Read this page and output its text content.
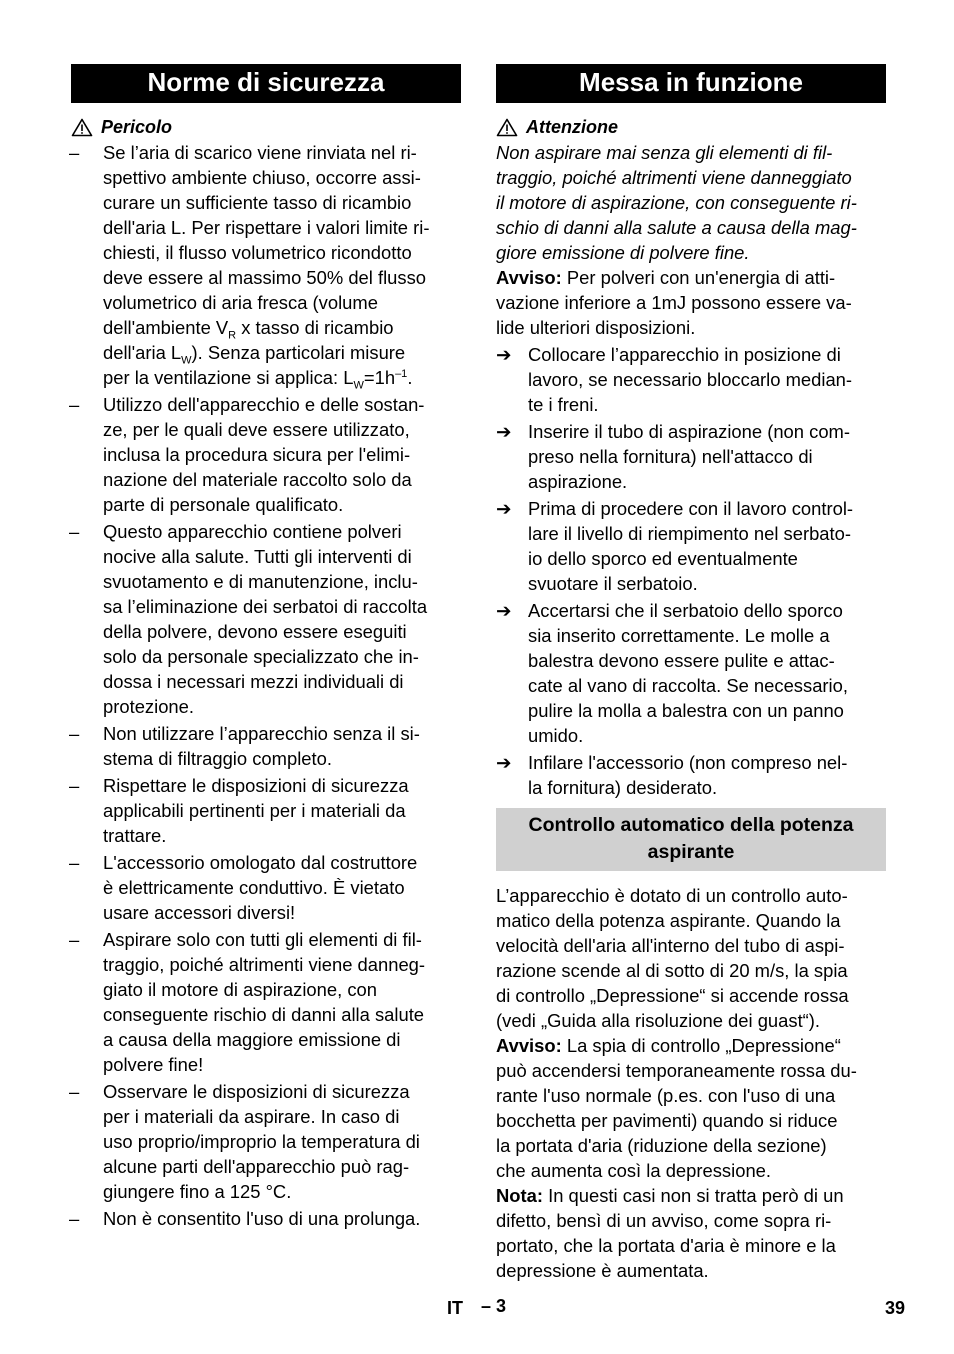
Norme di sicurezza
Pericolo
–	Se l’aria di scarico viene rinviata nel ri-
spettivo ambiente chiuso, occorre assi-
curare un sufficiente tasso di ricambio
dell'aria L. Per rispettare i valori limite ri-
chiesti, il flusso volumetrico ricondotto
deve essere al massimo 50% del flusso
volumetrico di aria fresca (volume
dell'ambiente $V_R$ x tasso di ricambio
dell'aria $L_W$). Senza particolari misure
per la ventilazione si applica: $L_W=1h^{-1}$.
–	Utilizzo dell'apparecchio e delle sostan-
ze, per le quali deve essere utilizzato,
inclusa la procedura sicura per l'elimi-
nazione del materiale raccolto solo da
parte di personale qualificato.
–	Questo apparecchio contiene polveri
nocive alla salute. Tutti gli interventi di
svuotamento e di manutenzione, inclu-
sa l’eliminazione dei serbatoi di raccolta
della polvere, devono essere eseguiti
solo da personale specializzato che in-
dossa i necessari mezzi individuali di
protezione.
–	Non utilizzare l’apparecchio senza il si-
stema di filtraggio completo.
–	Rispettare le disposizioni di sicurezza
applicabili pertinenti per i materiali da
trattare.
–	L'accessorio omologato dal costruttore
è elettricamente conduttivo. È vietato
usare accessori diversi!
–	Aspirare solo con tutti gli elementi di fil-
traggio, poiché altrimenti viene danneg-
giato il motore di aspirazione, con
conseguente rischio di danni alla salute
a causa della maggiore emissione di
polvere fine!
–	Osservare le disposizioni di sicurezza
per i materiali da aspirare. In caso di
uso proprio/improprio la temperatura di
alcune parti dell'apparecchio può rag-
giungere fino a 125 °C.
–	Non è consentito l'uso di una prolunga.
Messa in funzione
Attenzione
Non aspirare mai senza gli elementi di fil-
traggio, poiché altrimenti viene danneggiato
il motore di aspirazione, con conseguente ri-
schio di danni alla salute a causa della mag-
giore emissione di polvere fine.
Avviso: Per polveri con un'energia di atti-
vazione inferiore a 1mJ possono essere va-
lide ulteriori disposizioni.
➔ Collocare l’apparecchio in posizione di
lavoro, se necessario bloccarlo median-
te i freni.
➔ Inserire il tubo di aspirazione (non com-
preso nella fornitura) nell'attacco di
aspirazione.
➔ Prima di procedere con il lavoro control-
lare il livello di riempimento nel serbato-
io dello sporco ed eventualmente
svuotare il serbatoio.
➔ Accertarsi che il serbatoio dello sporco
sia inserito correttamente. Le molle a
balestra devono essere pulite e attac-
cate al vano di raccolta. Se necessario,
pulire la molla a balestra con un panno
umido.
➔ Infilare l'accessorio (non compreso nel-
la fornitura) desiderato.
Controllo automatico della potenza
aspirante
L’apparecchio è dotato di un controllo auto-
matico della potenza aspirante. Quando la
velocità dell'aria all'interno del tubo di aspi-
razione scende al di sotto di 20 m/s, la spia
di controllo „Depressione“ si accende rossa
(vedi „Guida alla risoluzione dei guast“).
Avviso: La spia di controllo „Depressione“
può accendersi temporaneamente rossa du-
rante l'uso normale (p.es. con l'uso di una
bocchetta per pavimenti) quando si riduce
la portata d'aria (riduzione della sezione)
che aumenta così la depressione.
Nota: In questi casi non si tratta però di un
difetto, bensì di un avviso, come sopra ri-
portato, che la portata d'aria è minore e la
depressione è aumentata.
IT – 3	39
